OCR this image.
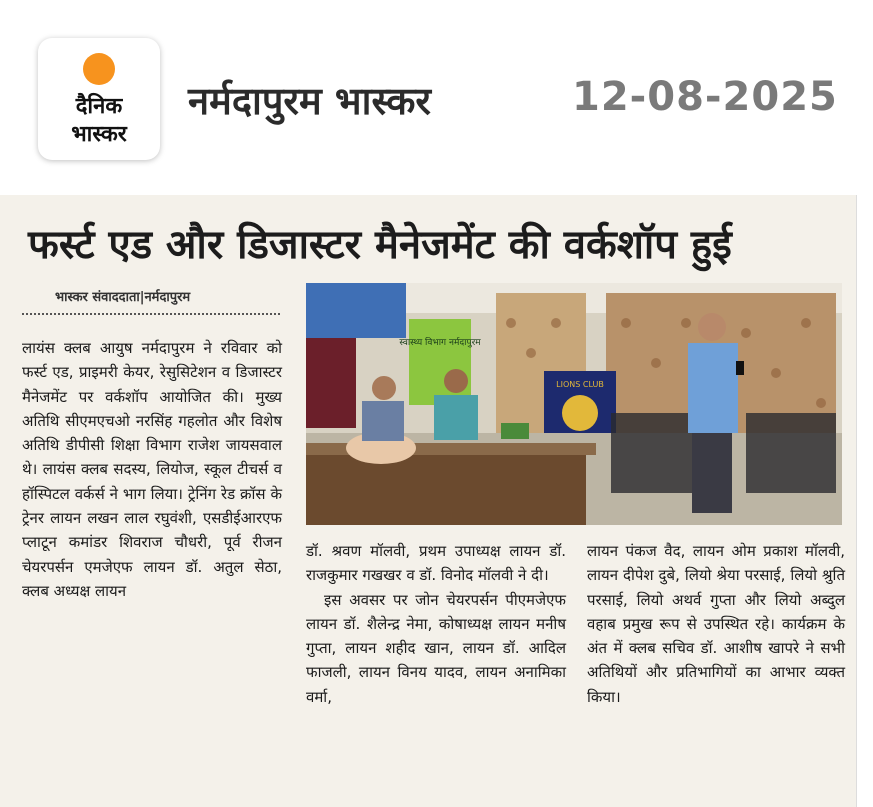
दैनिक
भास्कर
नर्मदापुरम भास्कर	12-08-2025
फर्स्ट एड और डिजास्टर मैनेजमेंट की वर्कशॉप हुई
भास्कर संवाददाता|नर्मदापुरम

लायंस क्लब आयुष नर्मदापुरम ने रविवार को फर्स्ट एड, प्राइमरी केयर, रेसुसिटेशन व डिजास्टर मैनेजमेंट पर वर्कशॉप आयोजित की। मुख्य अतिथि सीएमएचओ नरसिंह गहलोत और विशेष अतिथि डीपीसी शिक्षा विभाग राजेश जायसवाल थे। लायंस क्लब सदस्य, लियोज, स्कूल टीचर्स व हॉस्पिटल वर्कर्स ने भाग लिया। ट्रेनिंग रेड क्रॉस के ट्रेनर लायन लखन लाल रघुवंशी, एसडीईआरएफ प्लाटून कमांडर शिवराज चौधरी, पूर्व रीजन चेयरपर्सन एमजेएफ लायन डॉ. अतुल सेठा, क्लब अध्यक्ष लायन

स्वास्थ्य विभाग नर्मदापुरम
LIONS CLUB

डॉ. श्रवण मॉलवी, प्रथम उपाध्यक्ष लायन डॉ. राजकुमार गखखर व डॉ. विनोद मॉलवी ने दी।

इस अवसर पर जोन चेयरपर्सन पीएमजेएफ लायन डॉ. शैलेन्द्र नेमा, कोषाध्यक्ष लायन मनीष गुप्ता, लायन शहीद खान, लायन डॉ. आदिल फाजली, लायन विनय यादव, लायन अनामिका वर्मा,

लायन पंकज वैद, लायन ओम प्रकाश मॉलवी, लायन दीपेश दुबे, लियो श्रेया परसाई, लियो श्रुति परसाई, लियो अथर्व गुप्ता और लियो अब्दुल वहाब प्रमुख रूप से उपस्थित रहे। कार्यक्रम के अंत में क्लब सचिव डॉ. आशीष खापरे ने सभी अतिथियों और प्रतिभागियों का आभार व्यक्त किया।
